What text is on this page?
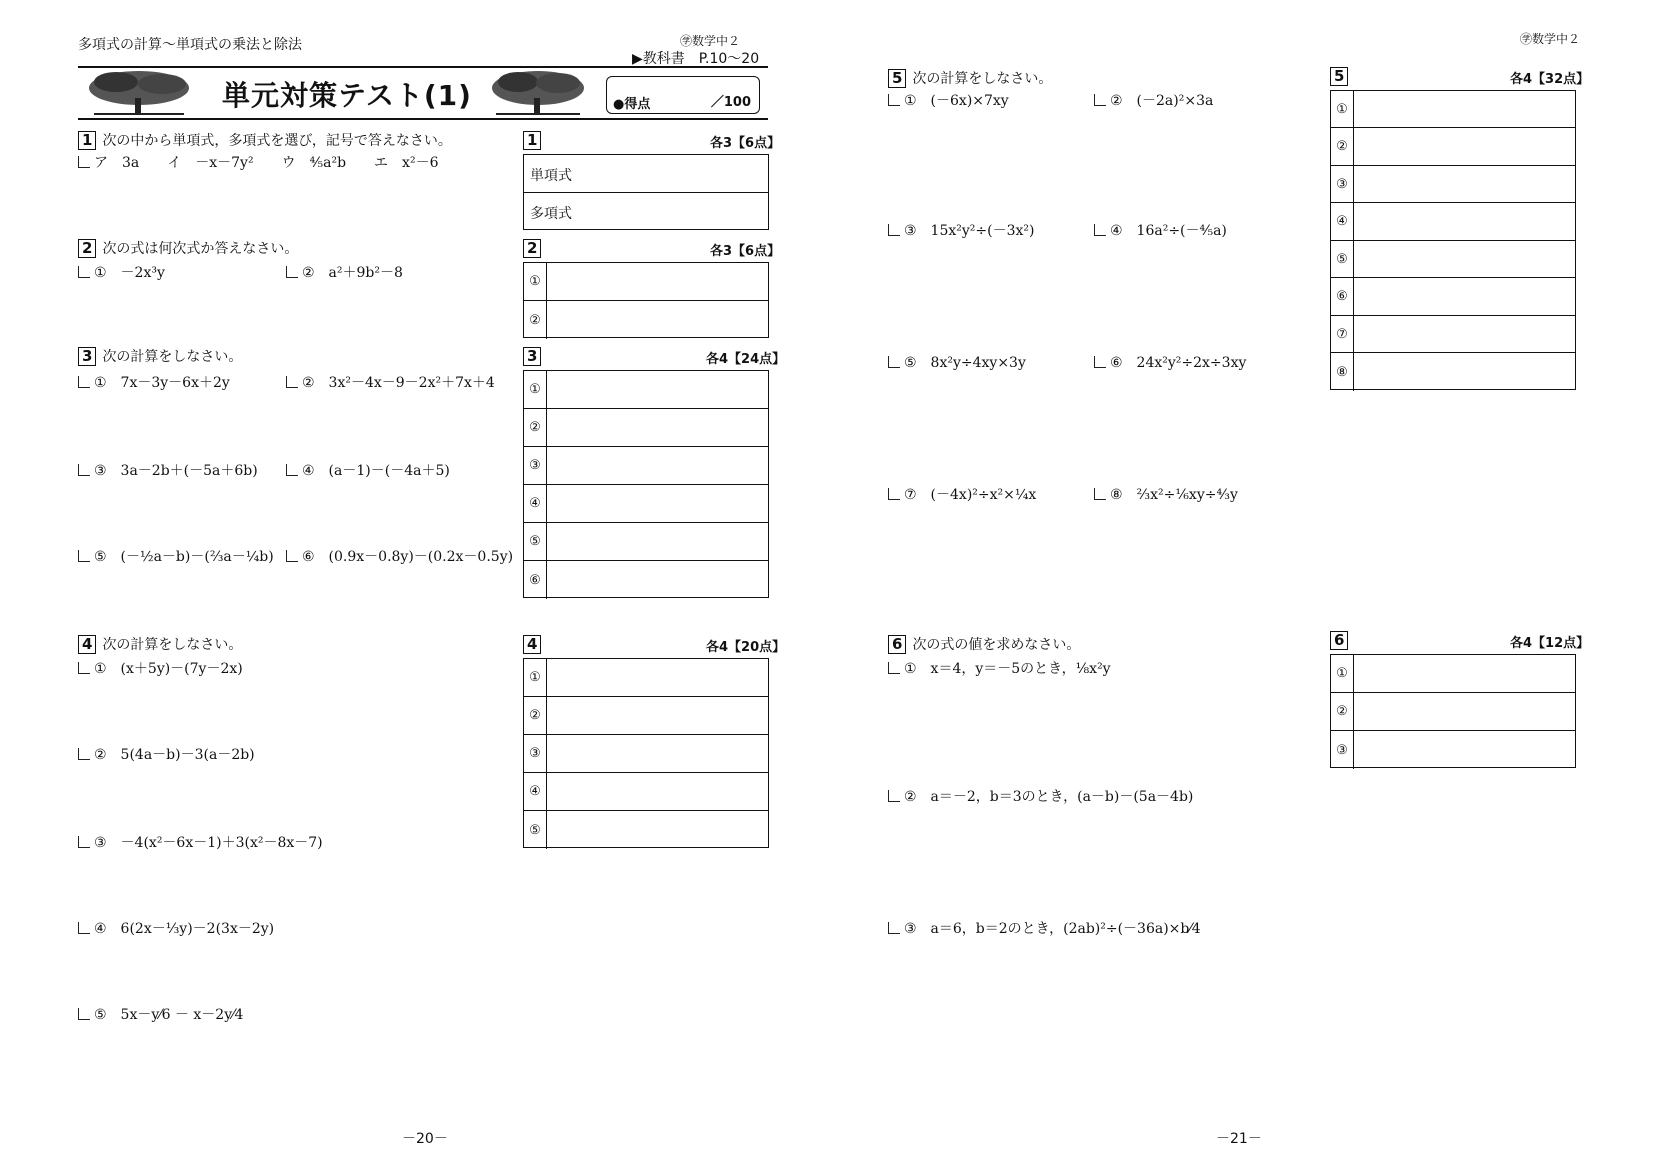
多項式の計算～単項式の乗法と除法	㊫数学中２
▶教科書　P.10～20
単元対策テスト(1)	●得点	／100
1 次の中から単項式，多項式を選び，記号で答えなさい。
ア　3a　　イ　－x－7y²　　ウ　⁴⁄₅a²b　　エ　x²－6
1	各3【6点】
単項式
多項式
2 次の式は何次式か答えなさい。
①　－2x³y	②　a²＋9b²－8
2	各3【6点】
①
②
3 次の計算をしなさい。
①　7x－3y－6x＋2y	②　3x²－4x－9－2x²＋7x＋4
③　3a－2b＋(－5a＋6b)	④　(a－1)－(－4a＋5)
⑤　(－½a－b)－(⅔a－¼b)	⑥　(0.9x－0.8y)－(0.2x－0.5y)
3	各4【24点】
①
②
③
④
⑤
⑥
4 次の計算をしなさい。
①　(x＋5y)－(7y－2x)
②　5(4a－b)－3(a－2b)
③　－4(x²－6x－1)＋3(x²－8x－7)
④　6(2x－⅓y)－2(3x－2y)
⑤　5x－y⁄6 － x－2y⁄4
4	各4【20点】
①
②
③
④
⑤
－20－
㊫数学中２
5 次の計算をしなさい。
①　(－6x)×7xy	②　(－2a)²×3a
③　15x²y²÷(－3x²)	④　16a²÷(－⁴⁄₅a)
⑤　8x²y÷4xy×3y	⑥　24x²y²÷2x÷3xy
⑦　(－4x)²÷x²×¼x	⑧　⅔x²÷⅙xy÷⁴⁄₃y
5	各4【32点】
①
②
③
④
⑤
⑥
⑦
⑧
6 次の式の値を求めなさい。
①　x＝4，y＝－5のとき，⅛x²y
②　a＝－2，b＝3のとき，(a－b)－(5a－4b)
③　a＝6，b＝2のとき，(2ab)²÷(－36a)×b⁄4
6	各4【12点】
①
②
③
－21－
